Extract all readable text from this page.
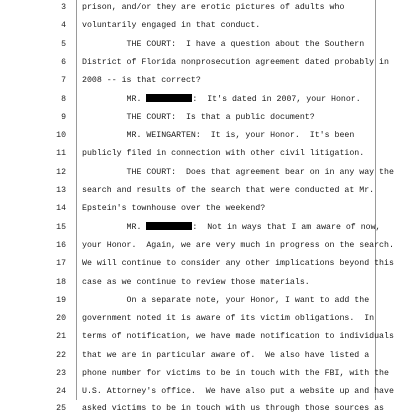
3 prison, and/or they are erotic pictures of adults who
4 voluntarily engaged in that conduct.
5 THE COURT:  I have a question about the Southern
6 District of Florida nonprosecution agreement dated probably in
7 2008 -- is that correct?
8 MR.	:  It's dated in 2007, your Honor.
9 THE COURT:  Is that a public document?
10 MR. WEINGARTEN:  It is, your Honor.  It's been
11 publicly filed in connection with other civil litigation.
12 THE COURT:  Does that agreement bear on in any way the
13 search and results of the search that were conducted at Mr.
14 Epstein's townhouse over the weekend?
15 MR.	:  Not in ways that I am aware of now,
16 your Honor.  Again, we are very much in progress on the search.
17 We will continue to consider any other implications beyond this
18 case as we continue to review those materials.
19 On a separate note, your Honor, I want to add the
20 government noted it is aware of its victim obligations.  In
21 terms of notification, we have made notification to individuals
22 that we are in particular aware of.  We also have listed a
23 phone number for victims to be in touch with the FBI, with the
24 U.S. Attorney's office.  We have also put a website up and have
25 asked victims to be in touch with us through those sources as
